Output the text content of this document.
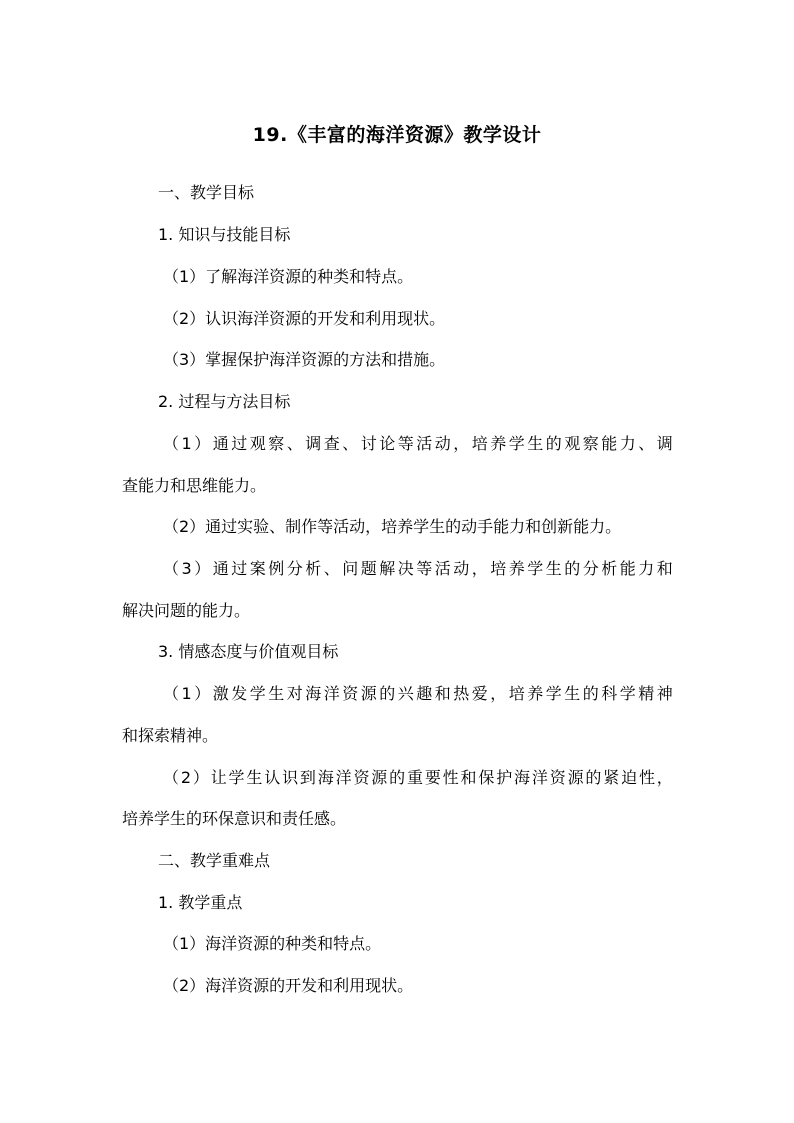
19.《丰富的海洋资源》教学设计
一、教学目标
1. 知识与技能目标
（1）了解海洋资源的种类和特点。
（2）认识海洋资源的开发和利用现状。
（3）掌握保护海洋资源的方法和措施。
2. 过程与方法目标
（1）通过观察、调查、讨论等活动，培养学生的观察能力、调
查能力和思维能力。
（2）通过实验、制作等活动，培养学生的动手能力和创新能力。
（3）通过案例分析、问题解决等活动，培养学生的分析能力和
解决问题的能力。
3. 情感态度与价值观目标
（1）激发学生对海洋资源的兴趣和热爱，培养学生的科学精神
和探索精神。
（2）让学生认识到海洋资源的重要性和保护海洋资源的紧迫性，
培养学生的环保意识和责任感。
二、教学重难点
1. 教学重点
（1）海洋资源的种类和特点。
（2）海洋资源的开发和利用现状。
